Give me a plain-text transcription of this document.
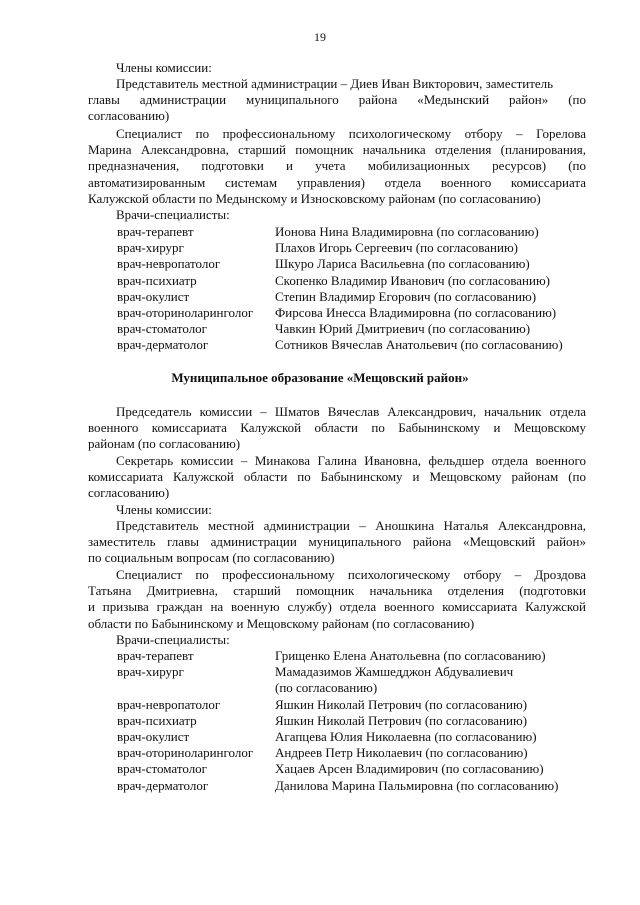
19
Члены комиссии:
Представитель местной администрации – Диев Иван Викторович, заместитель
главы администрации муниципального района «Медынский район» (по
согласованию)
Специалист по профессиональному психологическому отбору – Горелова
Марина Александровна, старший помощник начальника отделения (планирования,
предназначения, подготовки и учета мобилизационных ресурсов) (по
автоматизированным системам управления) отдела военного комиссариата
Калужской области по Медынскому и Износковскому районам (по согласованию)
Врачи-специалисты:
врач-терапевт	Ионова Нина Владимировна (по согласованию)
врач-хирург	Плахов Игорь Сергеевич (по согласованию)
врач-невропатолог	Шкуро Лариса Васильевна (по согласованию)
врач-психиатр	Скопенко Владимир Иванович (по согласованию)
врач-окулист	Степин Владимир Егорович (по согласованию)
врач-оториноларинголог	Фирсова Инесса Владимировна (по согласованию)
врач-стоматолог	Чавкин Юрий Дмитриевич (по согласованию)
врач-дерматолог	Сотников Вячеслав Анатольевич (по согласованию)
Муниципальное образование «Мещовский район»
Председатель комиссии – Шматов Вячеслав Александрович, начальник отдела
военного комиссариата Калужской области по Бабынинскому и Мещовскому
районам (по согласованию)
Секретарь комиссии – Минакова Галина Ивановна, фельдшер отдела военного
комиссариата Калужской области по Бабынинскому и Мещовскому районам (по
согласованию)
Члены комиссии:
Представитель местной администрации – Аношкина Наталья Александровна,
заместитель главы администрации муниципального района «Мещовский район»
по социальным вопросам (по согласованию)
Специалист по профессиональному психологическому отбору – Дроздова
Татьяна Дмитриевна, старший помощник начальника отделения (подготовки
и призыва граждан на военную службу) отдела военного комиссариата Калужской
области по Бабынинскому и Мещовскому районам (по согласованию)
Врачи-специалисты:
врач-терапевт	Грищенко Елена Анатольевна (по согласованию)
врач-хирург	Мамадазимов Жамшедджон Абдувалиевич
(по согласованию)
врач-невропатолог	Яшкин Николай Петрович (по согласованию)
врач-психиатр	Яшкин Николай Петрович (по согласованию)
врач-окулист	Агапцева Юлия Николаевна (по согласованию)
врач-оториноларинголог	Андреев Петр Николаевич (по согласованию)
врач-стоматолог	Хацаев Арсен Владимирович (по согласованию)
врач-дерматолог	Данилова Марина Пальмировна (по согласованию)
